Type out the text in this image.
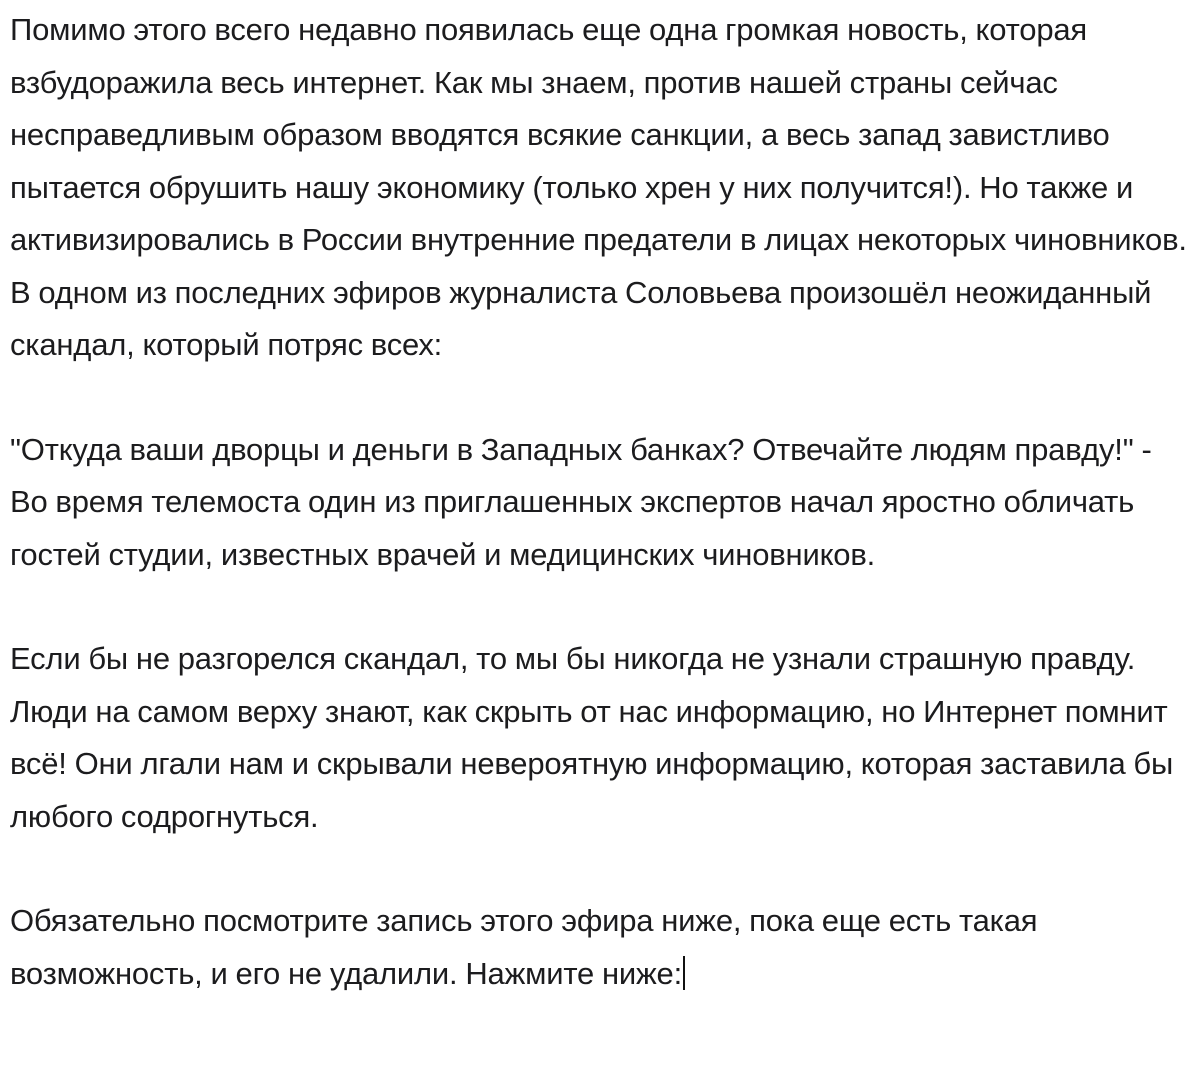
Помимо этого всего недавно появилась еще одна громкая новость, которая взбудоражила весь интернет. Как мы знаем, против нашей страны сейчас несправедливым образом вводятся всякие санкции, а весь запад завистливо пытается обрушить нашу экономику (только хрен у них получится!). Но также и активизировались в России внутренние предатели в лицах некоторых чиновников. В одном из последних эфиров журналиста Соловьева произошёл неожиданный скандал, который потряс всех:

"Откуда ваши дворцы и деньги в Западных банках? Отвечайте людям правду!" - Во время телемоста один из приглашенных экспертов начал яростно обличать гостей студии, известных врачей и медицинских чиновников.

Если бы не разгорелся скандал, то мы бы никогда не узнали страшную правду. Люди на самом верху знают, как скрыть от нас информацию, но Интернет помнит всё! Они лгали нам и скрывали невероятную информацию, которая заставила бы любого содрогнуться.

Обязательно посмотрите запись этого эфира ниже, пока еще есть такая возможность, и его не удалили. Нажмите ниже:
